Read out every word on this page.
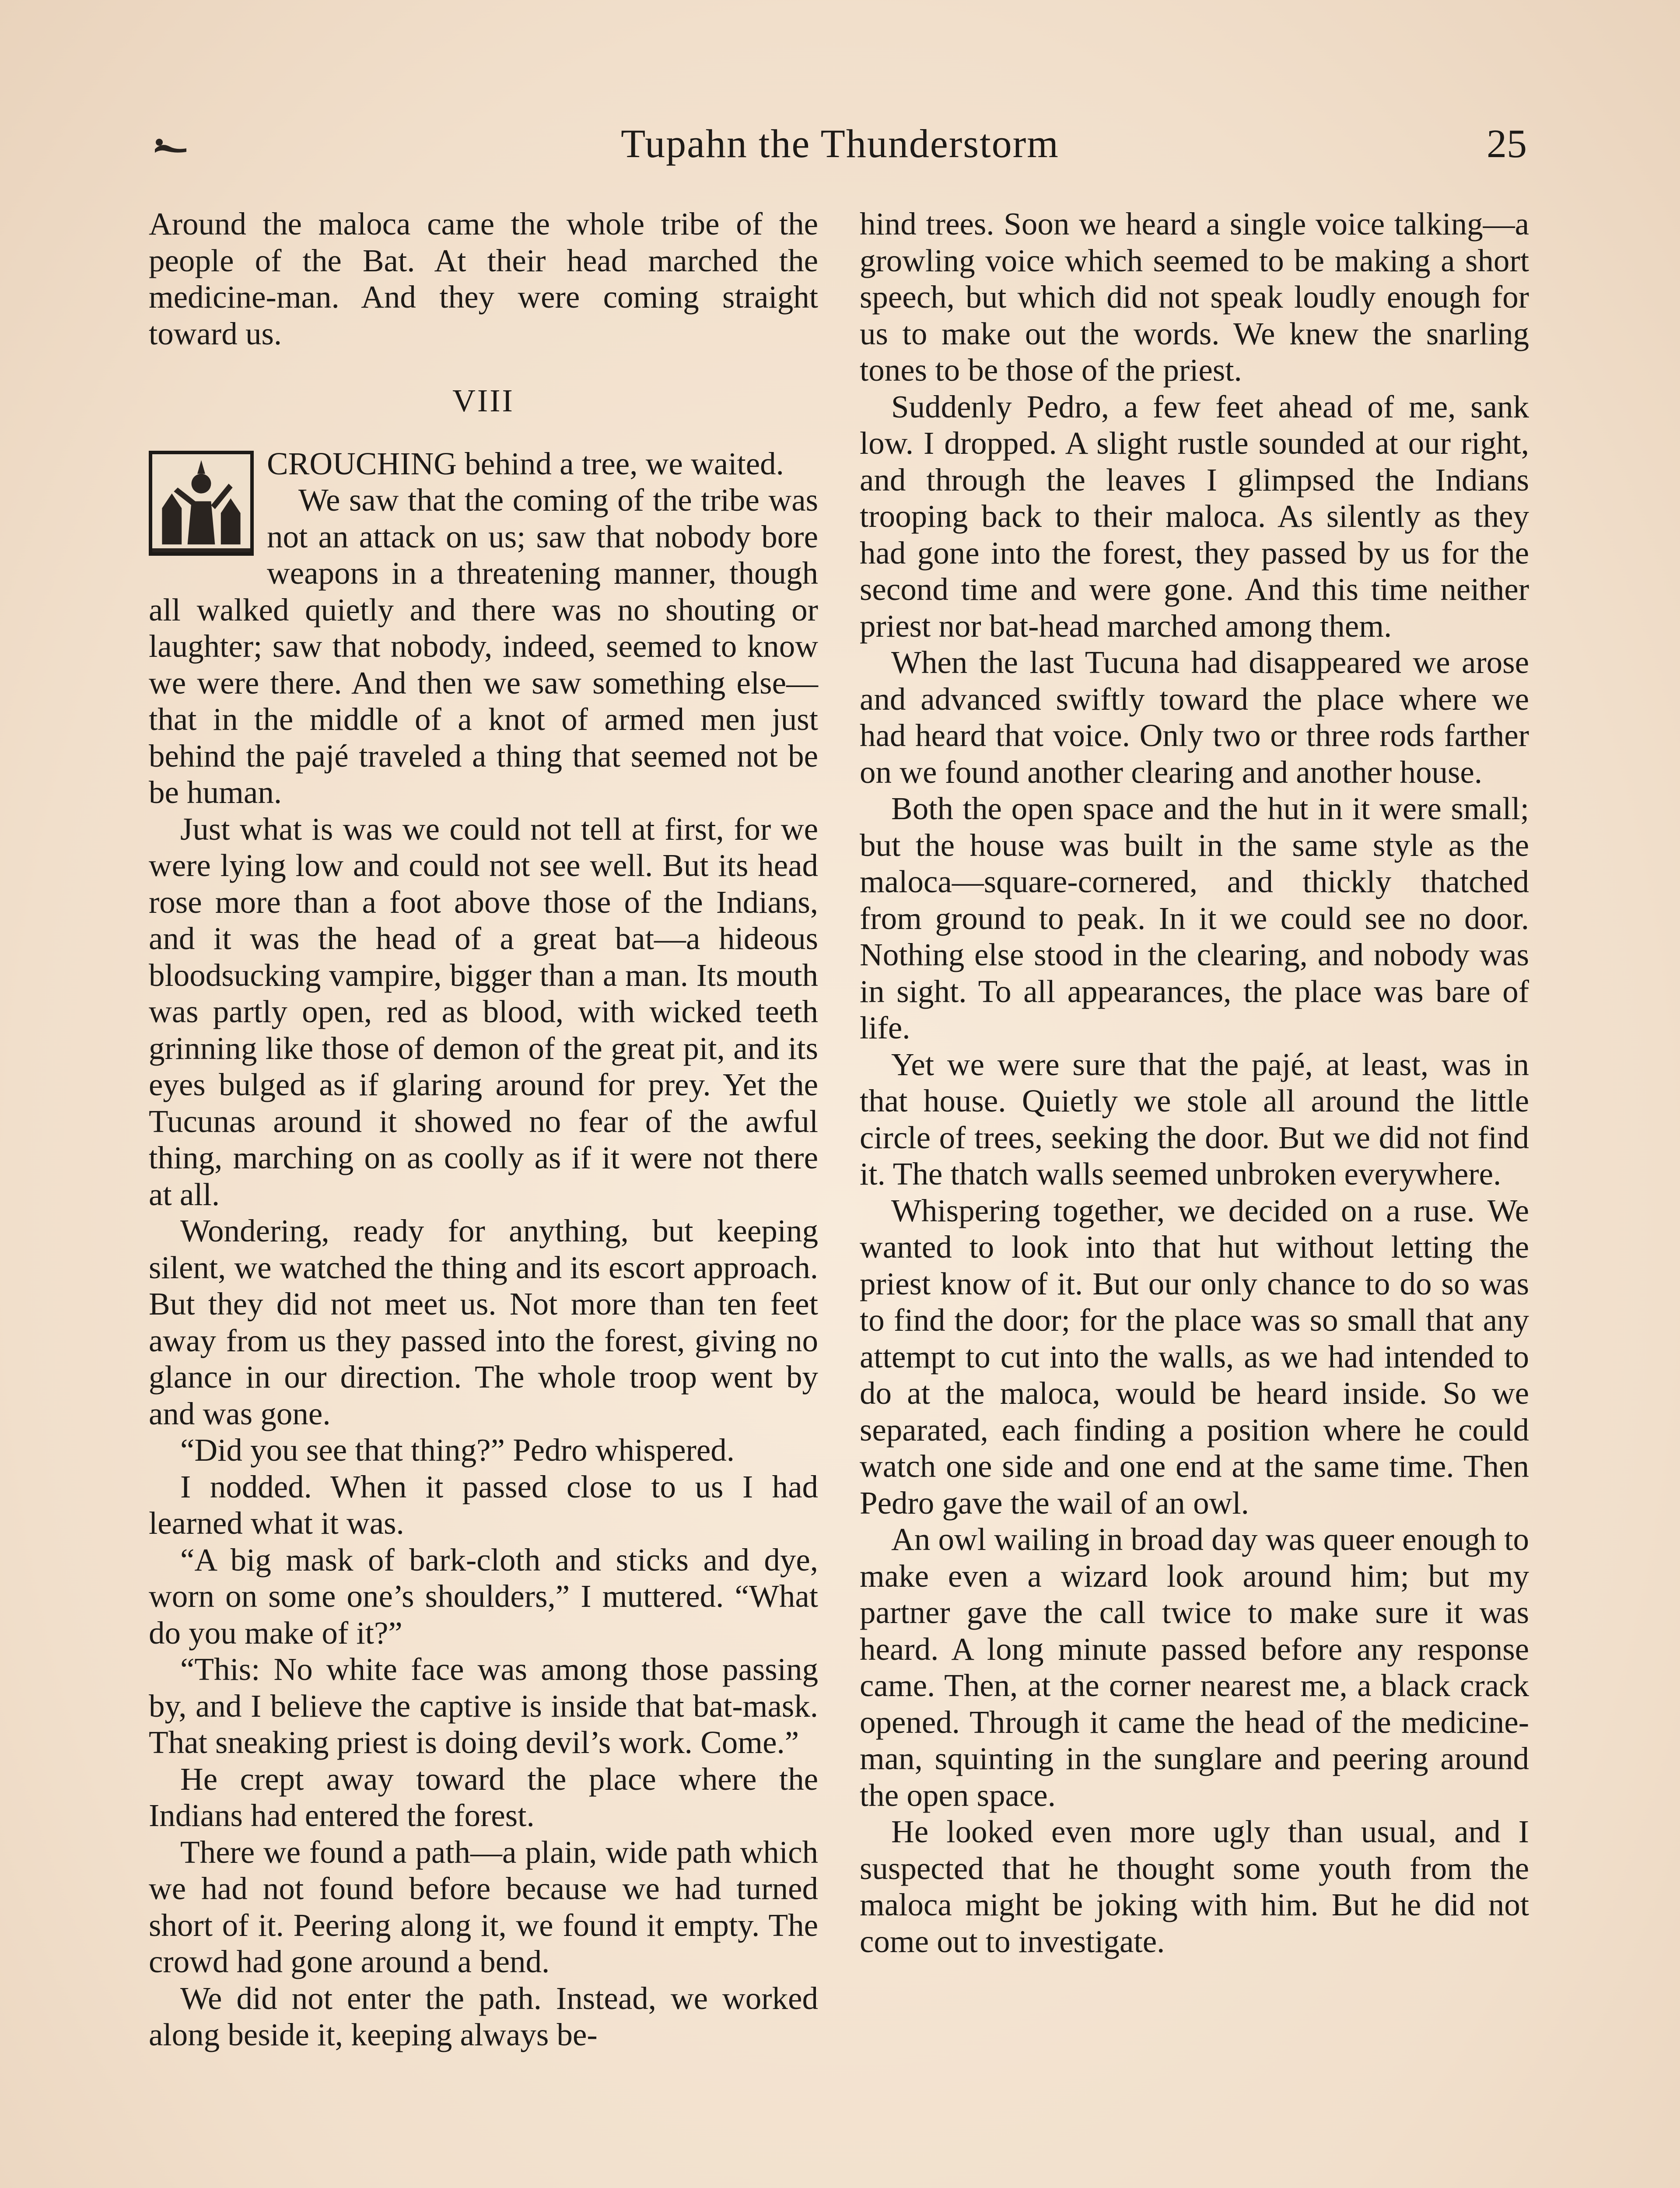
Tupahn the Thunderstorm	25

Around the maloca came the whole tribe of the people of the Bat. At their head marched the medicine-man. And they were coming straight toward us.

VIII

CROUCHING behind a tree, we waited.

We saw that the coming of the tribe was not an attack on us; saw that nobody bore weapons in a threatening manner, though all walked quietly and there was no shouting or laughter; saw that nobody, indeed, seemed to know we were there. And then we saw something else—that in the middle of a knot of armed men just behind the pajé traveled a thing that seemed not be be human.

Just what is was we could not tell at first, for we were lying low and could not see well. But its head rose more than a foot above those of the Indians, and it was the head of a great bat—a hideous bloodsucking vampire, bigger than a man. Its mouth was partly open, red as blood, with wicked teeth grinning like those of demon of the great pit, and its eyes bulged as if glaring around for prey. Yet the Tucunas around it showed no fear of the awful thing, marching on as coolly as if it were not there at all.

Wondering, ready for anything, but keeping silent, we watched the thing and its escort approach. But they did not meet us. Not more than ten feet away from us they passed into the forest, giving no glance in our direction. The whole troop went by and was gone.

“Did you see that thing?” Pedro whispered.

I nodded. When it passed close to us I had learned what it was.

“A big mask of bark-cloth and sticks and dye, worn on some one’s shoulders,” I muttered. “What do you make of it?”

“This: No white face was among those passing by, and I believe the captive is inside that bat-mask. That sneaking priest is doing devil’s work. Come.”

He crept away toward the place where the Indians had entered the forest.

There we found a path—a plain, wide path which we had not found before because we had turned short of it. Peering along it, we found it empty. The crowd had gone around a bend.

We did not enter the path. Instead, we worked along beside it, keeping always be-

hind trees. Soon we heard a single voice talking—a growling voice which seemed to be making a short speech, but which did not speak loudly enough for us to make out the words. We knew the snarling tones to be those of the priest.

Suddenly Pedro, a few feet ahead of me, sank low. I dropped. A slight rustle sounded at our right, and through the leaves I glimpsed the Indians trooping back to their maloca. As silently as they had gone into the forest, they passed by us for the second time and were gone. And this time neither priest nor bat-head marched among them.

When the last Tucuna had disappeared we arose and advanced swiftly toward the place where we had heard that voice. Only two or three rods farther on we found another clearing and another house.

Both the open space and the hut in it were small; but the house was built in the same style as the maloca—square-cornered, and thickly thatched from ground to peak. In it we could see no door. Nothing else stood in the clearing, and nobody was in sight. To all appearances, the place was bare of life.

Yet we were sure that the pajé, at least, was in that house. Quietly we stole all around the little circle of trees, seeking the door. But we did not find it. The thatch walls seemed unbroken everywhere.

Whispering together, we decided on a ruse. We wanted to look into that hut without letting the priest know of it. But our only chance to do so was to find the door; for the place was so small that any attempt to cut into the walls, as we had intended to do at the maloca, would be heard inside. So we separated, each finding a position where he could watch one side and one end at the same time. Then Pedro gave the wail of an owl.

An owl wailing in broad day was queer enough to make even a wizard look around him; but my partner gave the call twice to make sure it was heard. A long minute passed before any response came. Then, at the corner nearest me, a black crack opened. Through it came the head of the medicine-man, squinting in the sunglare and peering around the open space.

He looked even more ugly than usual, and I suspected that he thought some youth from the maloca might be joking with him. But he did not come out to investigate.
